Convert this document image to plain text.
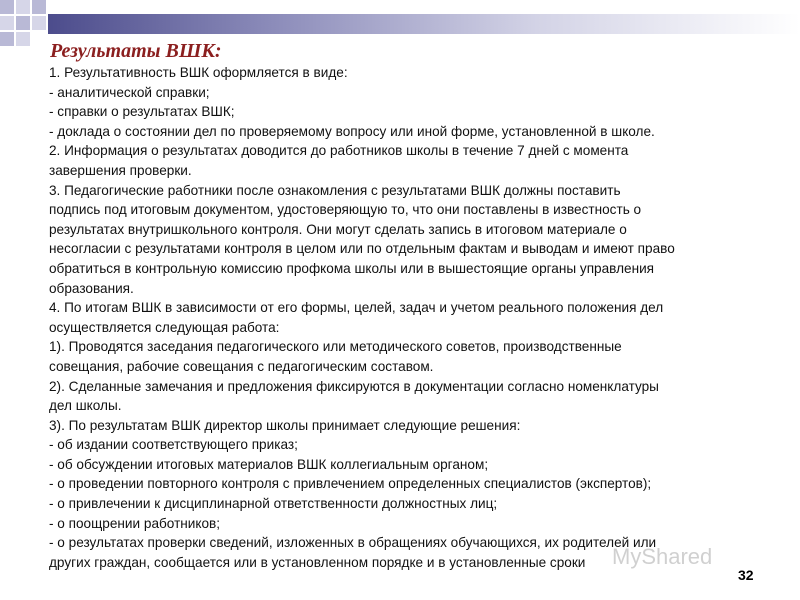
Результаты ВШК:
1. Результативность ВШК оформляется в виде:
- аналитической справки;
- справки о результатах ВШК;
- доклада о состоянии дел по проверяемому вопросу или иной форме, установленной в школе.
2. Информация о результатах доводится до работников школы в течение 7 дней с момента
завершения проверки.
3. Педагогические работники после ознакомления с результатами ВШК должны поставить
подпись под итоговым документом, удостоверяющую то, что они поставлены в известность о
результатах внутришкольного контроля. Они могут сделать запись в итоговом материале о
несогласии с результатами контроля в целом или по отдельным фактам и выводам и имеют право
обратиться в контрольную комиссию профкома школы или в вышестоящие органы управления
образования.
4. По итогам ВШК в зависимости от его формы, целей, задач и учетом реального положения дел
осуществляется следующая работа:
1). Проводятся заседания педагогического или методического советов, производственные
совещания, рабочие совещания с педагогическим составом.
2). Сделанные замечания и предложения фиксируются в документации согласно номенклатуры
дел школы.
3). По результатам ВШК директор школы принимает следующие решения:
- об издании соответствующего приказ;
- об обсуждении итоговых материалов ВШК коллегиальным органом;
- о проведении повторного контроля с привлечением определенных специалистов (экспертов);
- о привлечении к дисциплинарной ответственности должностных лиц;
- о поощрении работников;
- о результатах проверки сведений, изложенных в обращениях обучающихся, их родителей или
других граждан, сообщается или в установленном порядке и в установленные сроки	MyShared
32
